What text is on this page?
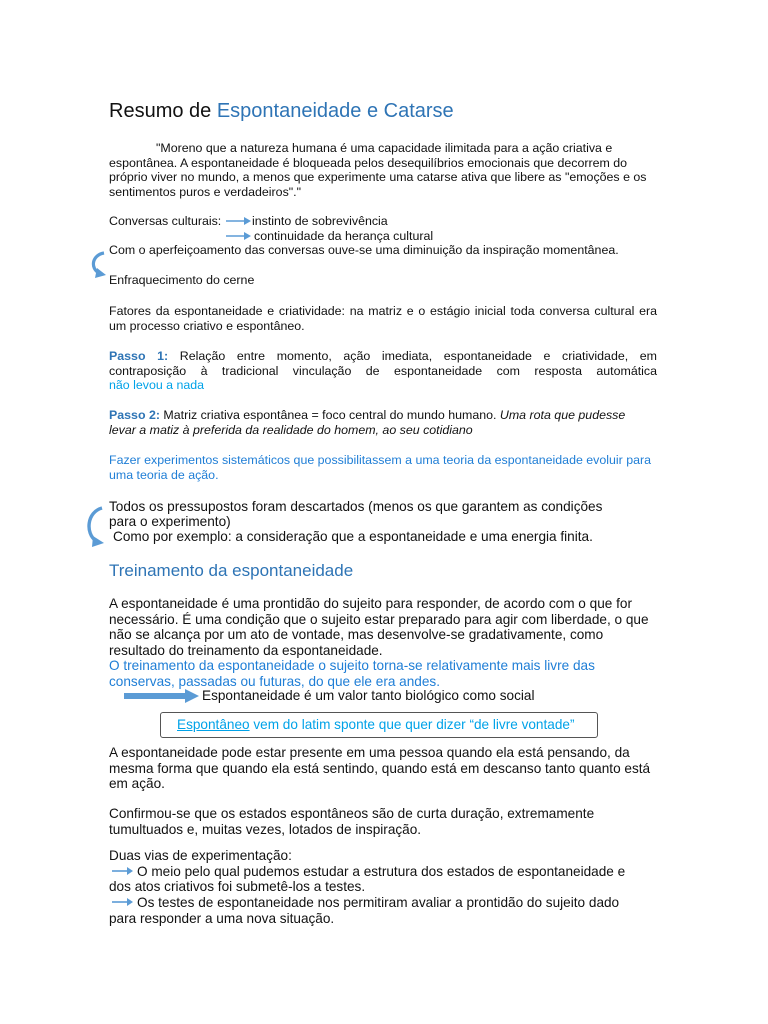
Resumo de Espontaneidade e Catarse

"Moreno que a natureza humana é uma capacidade ilimitada para a ação criativa e espontânea. A espontaneidade é bloqueada pelos desequilíbrios emocionais que decorrem do próprio viver no mundo, a menos que experimente uma catarse ativa que libere as "emoções e os sentimentos puros e verdadeiros"."

Conversas culturais: instinto de sobrevivência

continuidade da herança cultural

Com o aperfeiçoamento das conversas ouve-se uma diminuição da inspiração momentânea.

Enfraquecimento do cerne

Fatores da espontaneidade e criatividade: na matriz e o estágio inicial toda conversa cultural era um processo criativo e espontâneo.

Passo 1: Relação entre momento, ação imediata, espontaneidade e criatividade, em

contraposição à tradicional vinculação de espontaneidade com resposta automática

não levou a nada

Passo 2: Matriz criativa espontânea = foco central do mundo humano. Uma rota que pudesse

levar a matiz à preferida da realidade do homem, ao seu cotidiano

Fazer experimentos sistemáticos que possibilitassem a uma teoria da espontaneidade evoluir para uma teoria de ação.

Todos os pressupostos foram descartados (menos os que garantem as condições

para o experimento)

Como por exemplo: a consideração que a espontaneidade e uma energia finita.

Treinamento da espontaneidade

A espontaneidade é uma prontidão do sujeito para responder, de acordo com o que for necessário. É uma condição que o sujeito estar preparado para agir com liberdade, o que não se alcança por um ato de vontade, mas desenvolve-se gradativamente, como resultado do treinamento da espontaneidade.

O treinamento da espontaneidade o sujeito torna-se relativamente mais livre das conservas, passadas ou futuras, do que ele era andes.

Espontaneidade é um valor tanto biológico como social

Espontâneo vem do latim sponte que quer dizer “de livre vontade”

A espontaneidade pode estar presente em uma pessoa quando ela está pensando, da mesma forma que quando ela está sentindo, quando está em descanso tanto quanto está em ação.

Confirmou-se que os estados espontâneos são de curta duração, extremamente tumultuados e, muitas vezes, lotados de inspiração.

Duas vias de experimentação:

O meio pelo qual pudemos estudar a estrutura dos estados de espontaneidade e

dos atos criativos foi submetê-los a testes.

Os testes de espontaneidade nos permitiram avaliar a prontidão do sujeito dado

para responder a uma nova situação.
